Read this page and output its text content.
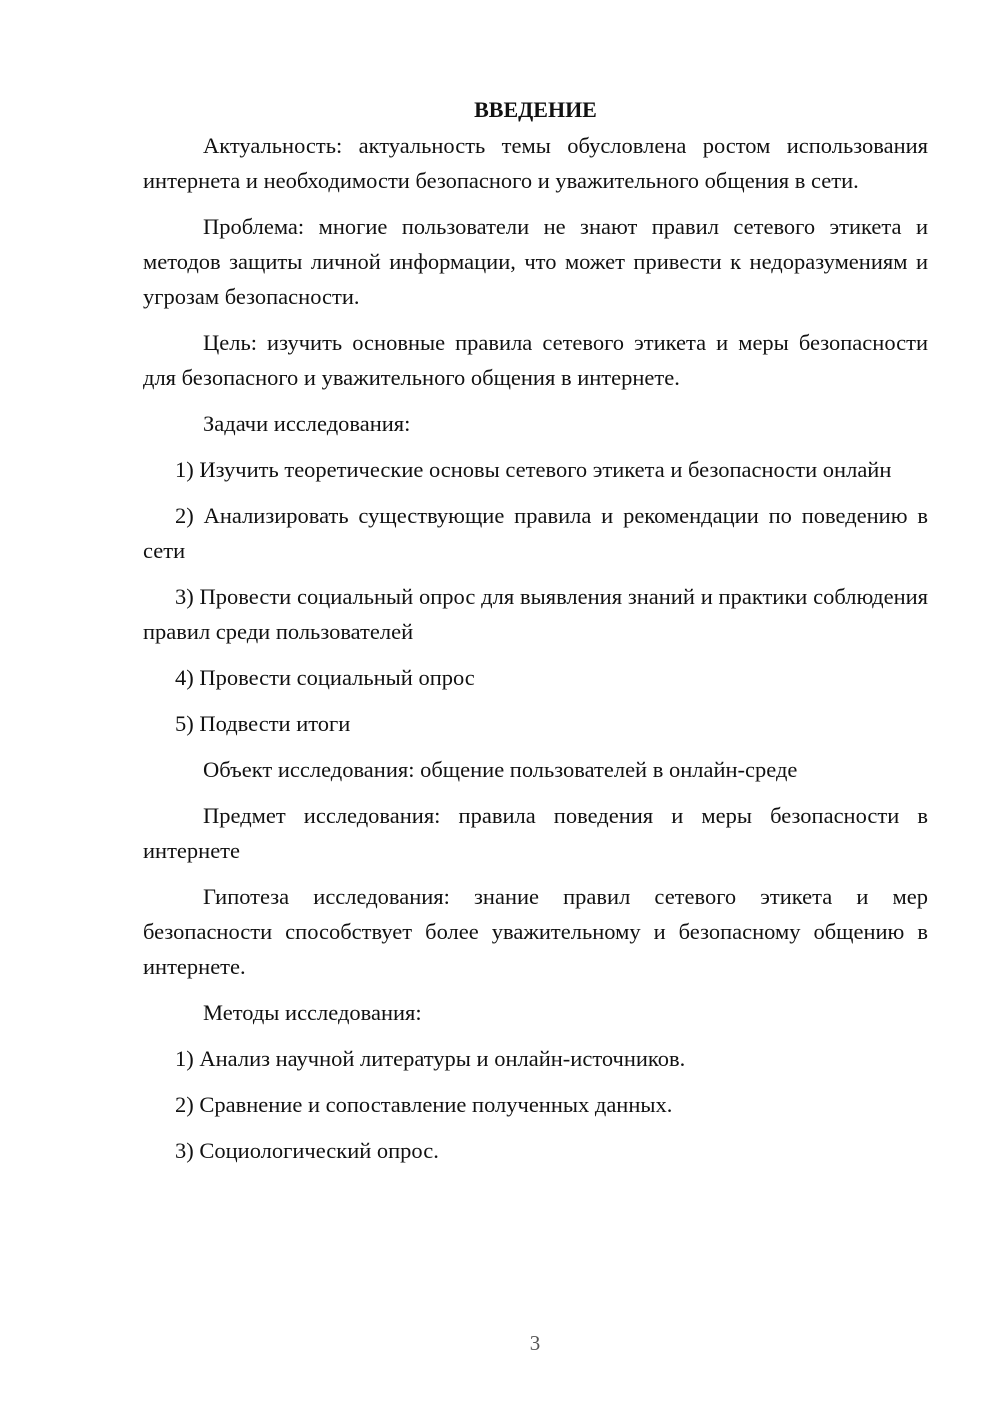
ВВЕДЕНИЕ

Актуальность: актуальность темы обусловлена ростом использования интернета и необходимости безопасного и уважительного общения в сети.

Проблема: многие пользователи не знают правил сетевого этикета и методов защиты личной информации, что может привести к недоразумениям и угрозам безопасности.

Цель: изучить основные правила сетевого этикета и меры безопасности для безопасного и уважительного общения в интернете.

Задачи исследования:

1) Изучить теоретические основы сетевого этикета и безопасности онлайн

2) Анализировать существующие правила и рекомендации по поведению в сети

3) Провести социальный опрос для выявления знаний и практики соблюдения правил среди пользователей

4) Провести социальный опрос

5) Подвести итоги

Объект исследования: общение пользователей в онлайн-среде

Предмет исследования: правила поведения и меры безопасности в интернете

Гипотеза исследования: знание правил сетевого этикета и мер безопасности способствует более уважительному и безопасному общению в интернете.

Методы исследования:

1) Анализ научной литературы и онлайн-источников.

2) Сравнение и сопоставление полученных данных.

3) Социологический опрос.

3
